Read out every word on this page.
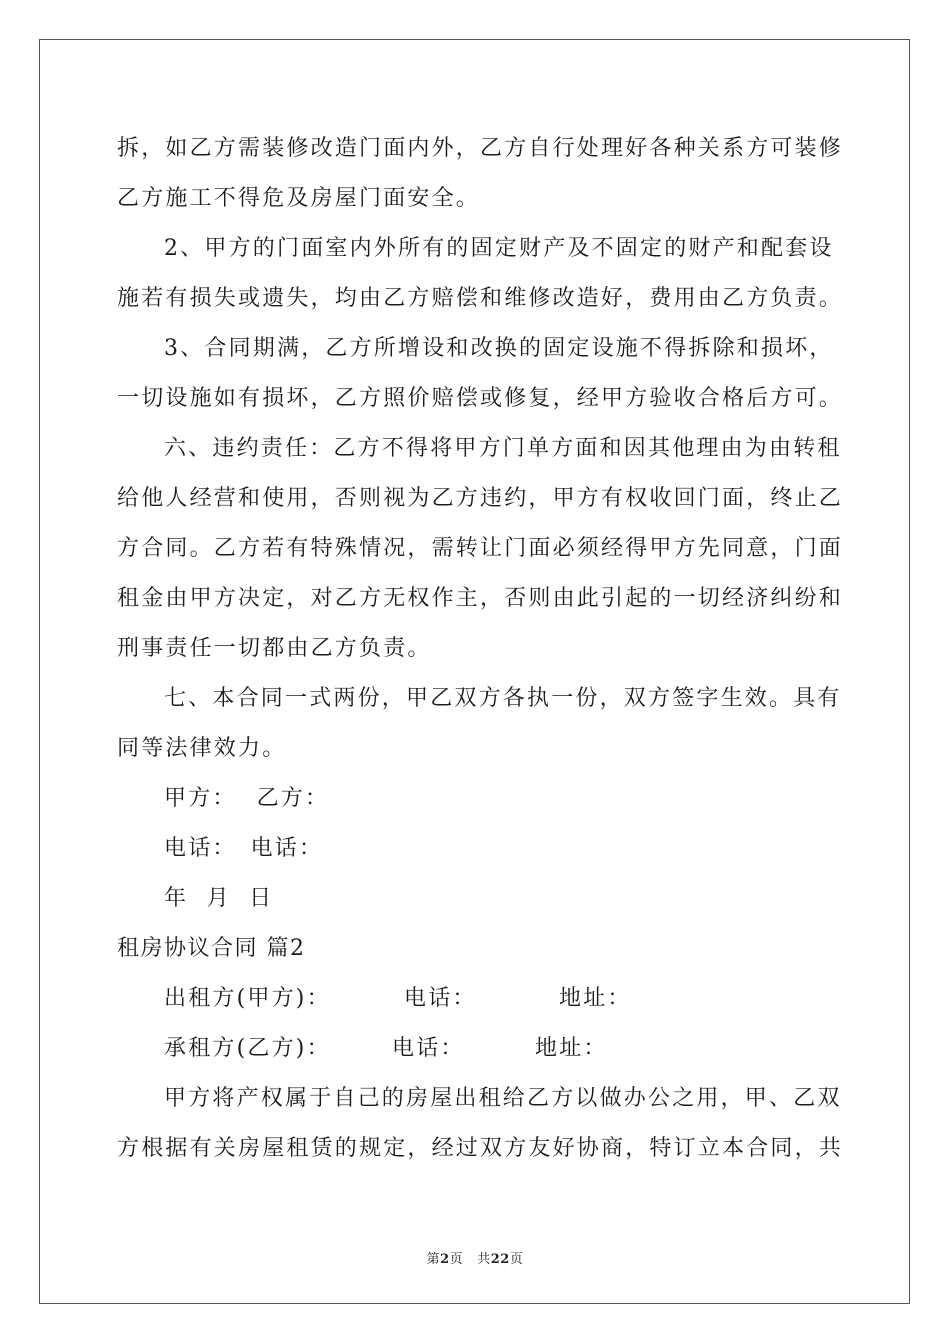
拆，如乙方需装修改造门面内外，乙方自行处理好各种关系方可装修
乙方施工不得危及房屋门面安全。
2、甲方的门面室内外所有的固定财产及不固定的财产和配套设
施若有损失或遗失，均由乙方赔偿和维修改造好，费用由乙方负责。
3、合同期满，乙方所增设和改换的固定设施不得拆除和损坏，
一切设施如有损坏，乙方照价赔偿或修复，经甲方验收合格后方可。
六、违约责任：乙方不得将甲方门单方面和因其他理由为由转租
给他人经营和使用，否则视为乙方违约，甲方有权收回门面，终止乙
方合同。乙方若有特殊情况，需转让门面必须经得甲方先同意，门面
租金由甲方决定，对乙方无权作主，否则由此引起的一切经济纠纷和
刑事责任一切都由乙方负责。
七、本合同一式两份，甲乙双方各执一份，双方签字生效。具有
同等法律效力。
甲方： 乙方：
电话： 电话：
年  月  日
租房协议合同 篇2
出租方(甲方)：	电话：	地址：
承租方(乙方)：	电话：	地址：
甲方将产权属于自己的房屋出租给乙方以做办公之用，甲、乙双
方根据有关房屋租赁的规定，经过双方友好协商，特订立本合同，共
第2页 共22页
